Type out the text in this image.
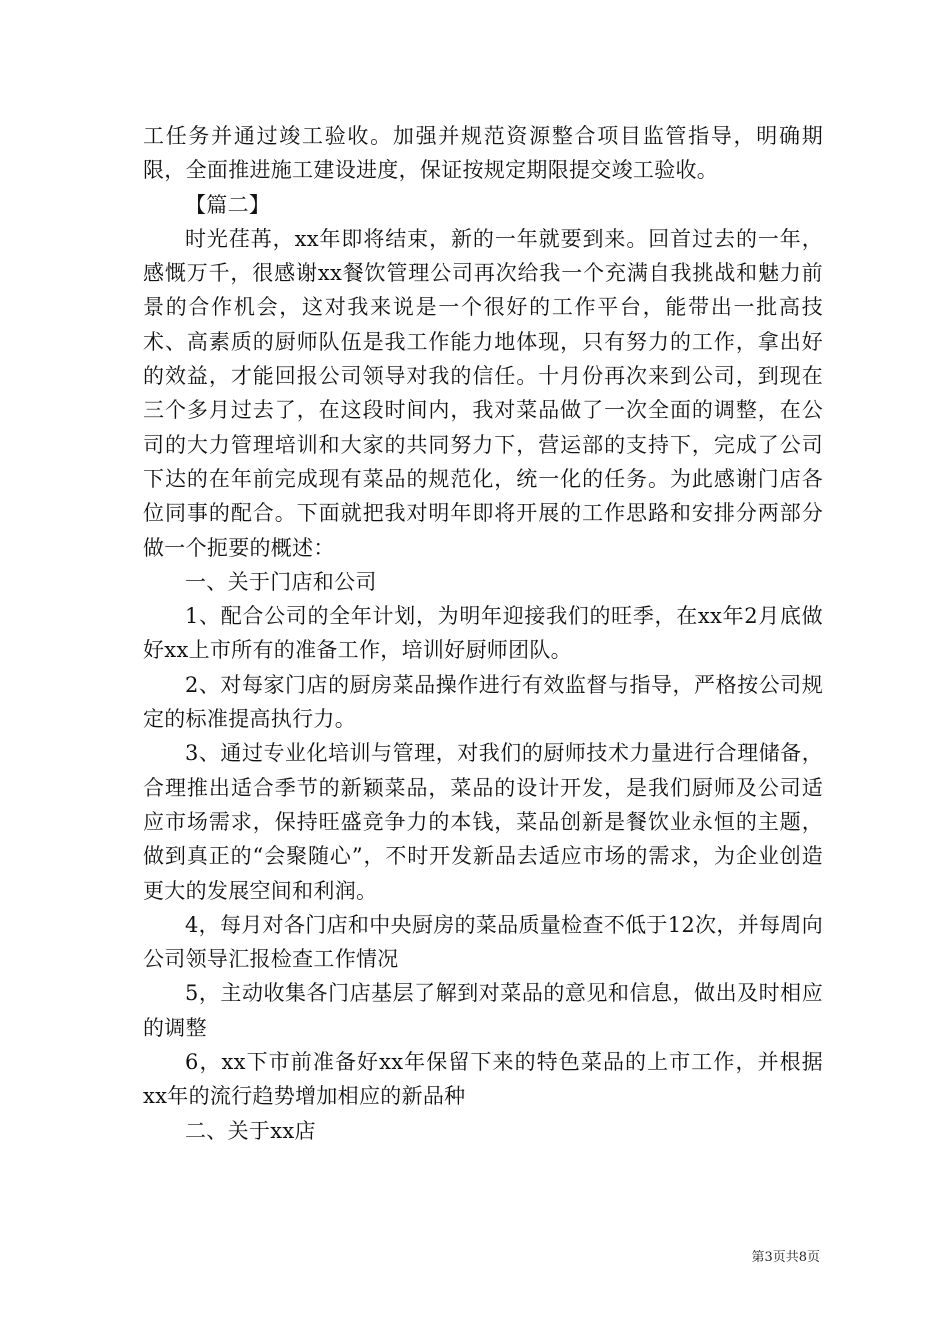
工任务并通过竣工验收。加强并规范资源整合项目监管指导，明确期限，全面推进施工建设进度，保证按规定期限提交竣工验收。

【篇二】

时光荏苒，xx年即将结束，新的一年就要到来。回首过去的一年，感慨万千，很感谢xx餐饮管理公司再次给我一个充满自我挑战和魅力前景的合作机会，这对我来说是一个很好的工作平台，能带出一批高技术、高素质的厨师队伍是我工作能力地体现，只有努力的工作，拿出好的效益，才能回报公司领导对我的信任。十月份再次来到公司，到现在三个多月过去了，在这段时间内，我对菜品做了一次全面的调整，在公司的大力管理培训和大家的共同努力下，营运部的支持下，完成了公司下达的在年前完成现有菜品的规范化，统一化的任务。为此感谢门店各位同事的配合。下面就把我对明年即将开展的工作思路和安排分两部分做一个扼要的概述：

一、关于门店和公司

1、配合公司的全年计划，为明年迎接我们的旺季，在xx年2月底做好xx上市所有的准备工作，培训好厨师团队。

2、对每家门店的厨房菜品操作进行有效监督与指导，严格按公司规定的标准提高执行力。

3、通过专业化培训与管理，对我们的厨师技术力量进行合理储备，合理推出适合季节的新颖菜品，菜品的设计开发，是我们厨师及公司适应市场需求，保持旺盛竞争力的本钱，菜品创新是餐饮业永恒的主题，做到真正的“会聚随心”，不时开发新品去适应市场的需求，为企业创造更大的发展空间和利润。

4，每月对各门店和中央厨房的菜品质量检查不低于12次，并每周向公司领导汇报检查工作情况

5，主动收集各门店基层了解到对菜品的意见和信息，做出及时相应的调整

6，xx下市前准备好xx年保留下来的特色菜品的上市工作，并根据xx年的流行趋势增加相应的新品种

二、关于xx店

第3页共8页
